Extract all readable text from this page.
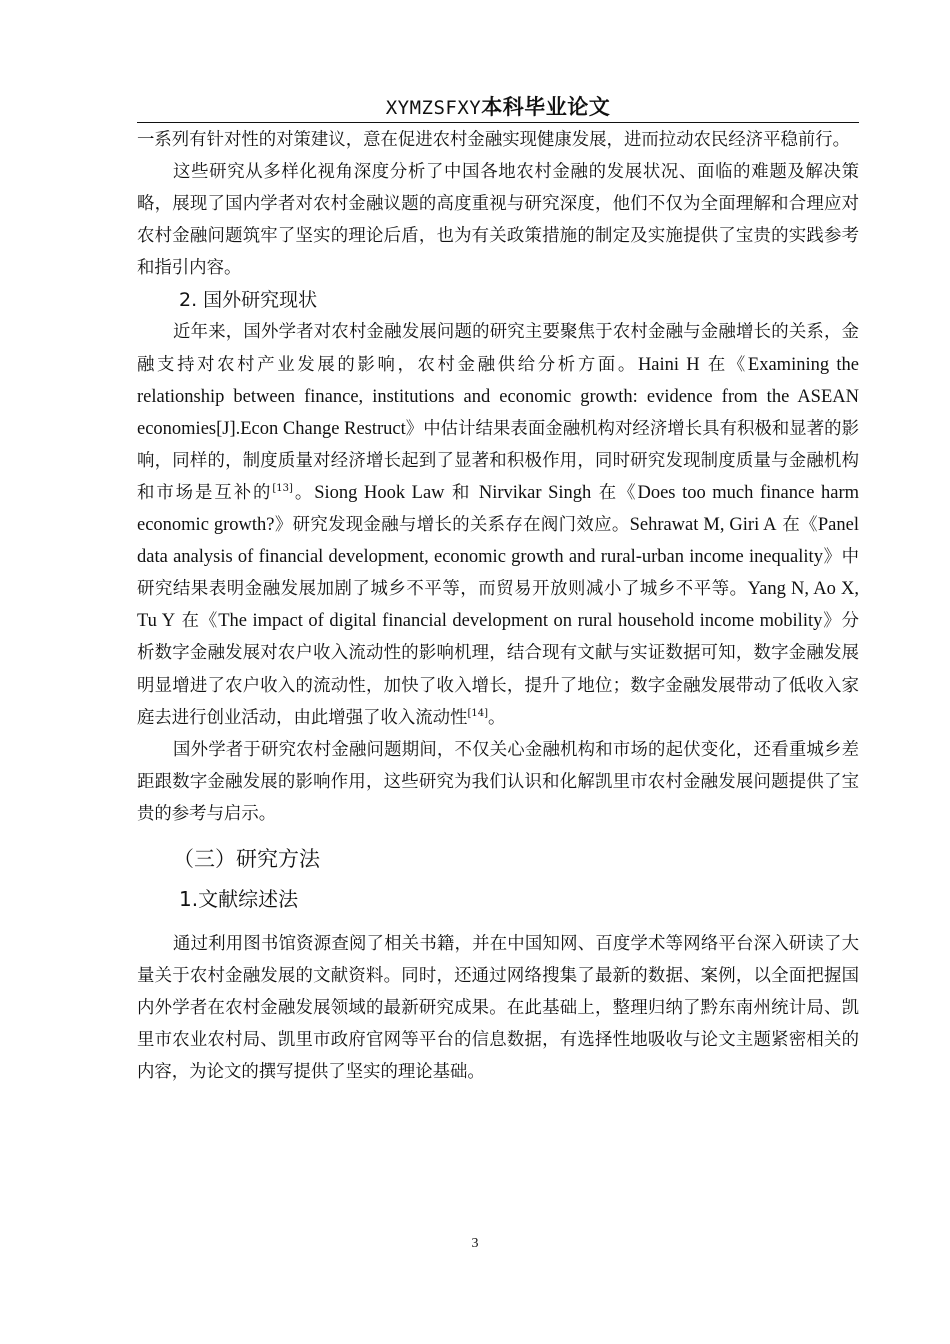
XYMZSFXY本科毕业论文

一系列有针对性的对策建议，意在促进农村金融实现健康发展，进而拉动农民经济平稳前行。

这些研究从多样化视角深度分析了中国各地农村金融的发展状况、面临的难题及解决策略，展现了国内学者对农村金融议题的高度重视与研究深度，他们不仅为全面理解和合理应对农村金融问题筑牢了坚实的理论后盾，也为有关政策措施的制定及实施提供了宝贵的实践参考和指引内容。

2. 国外研究现状

近年来，国外学者对农村金融发展问题的研究主要聚焦于农村金融与金融增长的关系，金融支持对农村产业发展的影响，农村金融供给分析方面。Haini H 在《Examining the relationship between finance, institutions and economic growth: evidence from the ASEAN economies[J].Econ Change Restruct》中估计结果表面金融机构对经济增长具有积极和显著的影响，同样的，制度质量对经济增长起到了显著和积极作用，同时研究发现制度质量与金融机构和市场是互补的[13]。Siong Hook Law 和 Nirvikar Singh 在《Does too much finance harm economic growth?》研究发现金融与增长的关系存在阀门效应。Sehrawat M, Giri A 在《Panel data analysis of financial development, economic growth and rural-urban income inequality》中研究结果表明金融发展加剧了城乡不平等，而贸易开放则减小了城乡不平等。Yang N, Ao X, Tu Y 在《The impact of digital financial development on rural household income mobility》分析数字金融发展对农户收入流动性的影响机理，结合现有文献与实证数据可知，数字金融发展明显增进了农户收入的流动性，加快了收入增长，提升了地位；数字金融发展带动了低收入家庭去进行创业活动，由此增强了收入流动性[14]。

国外学者于研究农村金融问题期间，不仅关心金融机构和市场的起伏变化，还看重城乡差距跟数字金融发展的影响作用，这些研究为我们认识和化解凯里市农村金融发展问题提供了宝贵的参考与启示。

（三）研究方法

1.文献综述法

通过利用图书馆资源查阅了相关书籍，并在中国知网、百度学术等网络平台深入研读了大量关于农村金融发展的文献资料。同时，还通过网络搜集了最新的数据、案例，以全面把握国内外学者在农村金融发展领域的最新研究成果。在此基础上，整理归纳了黔东南州统计局、凯里市农业农村局、凯里市政府官网等平台的信息数据，有选择性地吸收与论文主题紧密相关的内容，为论文的撰写提供了坚实的理论基础。

3
